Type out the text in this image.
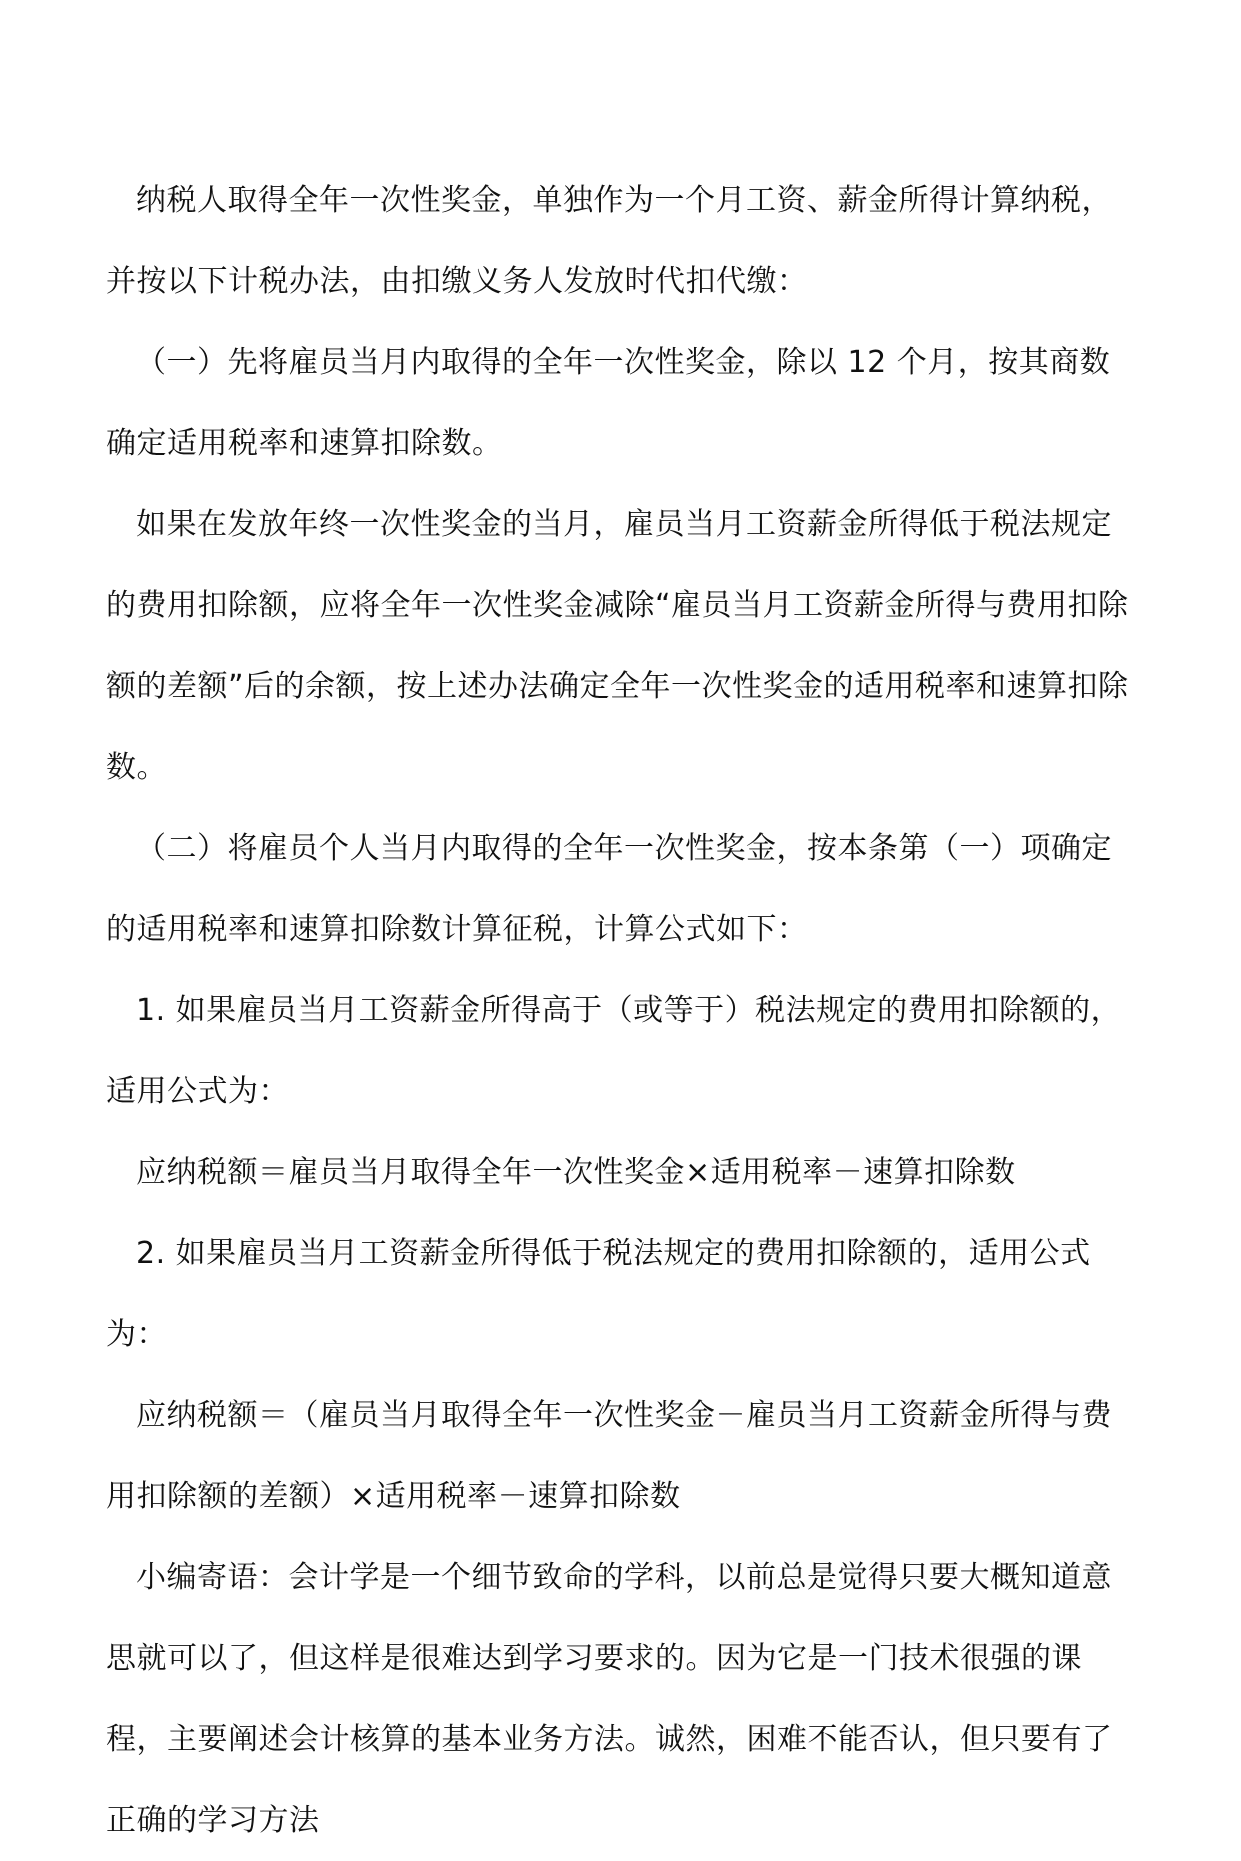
纳税人取得全年一次性奖金，单独作为一个月工资、薪金所得计算纳税，并按以下计税办法，由扣缴义务人发放时代扣代缴：

（一）先将雇员当月内取得的全年一次性奖金，除以 12 个月，按其商数确定适用税率和速算扣除数。

如果在发放年终一次性奖金的当月，雇员当月工资薪金所得低于税法规定的费用扣除额，应将全年一次性奖金减除“雇员当月工资薪金所得与费用扣除额的差额”后的余额，按上述办法确定全年一次性奖金的适用税率和速算扣除数。

（二）将雇员个人当月内取得的全年一次性奖金，按本条第（一）项确定的适用税率和速算扣除数计算征税，计算公式如下：

1. 如果雇员当月工资薪金所得高于（或等于）税法规定的费用扣除额的，适用公式为：

应纳税额＝雇员当月取得全年一次性奖金×适用税率－速算扣除数

2. 如果雇员当月工资薪金所得低于税法规定的费用扣除额的，适用公式为：

应纳税额＝（雇员当月取得全年一次性奖金－雇员当月工资薪金所得与费用扣除额的差额）×适用税率－速算扣除数

小编寄语：会计学是一个细节致命的学科，以前总是觉得只要大概知道意思就可以了，但这样是很难达到学习要求的。因为它是一门技术很强的课程，主要阐述会计核算的基本业务方法。诚然，困难不能否认，但只要有了正确的学习方法
